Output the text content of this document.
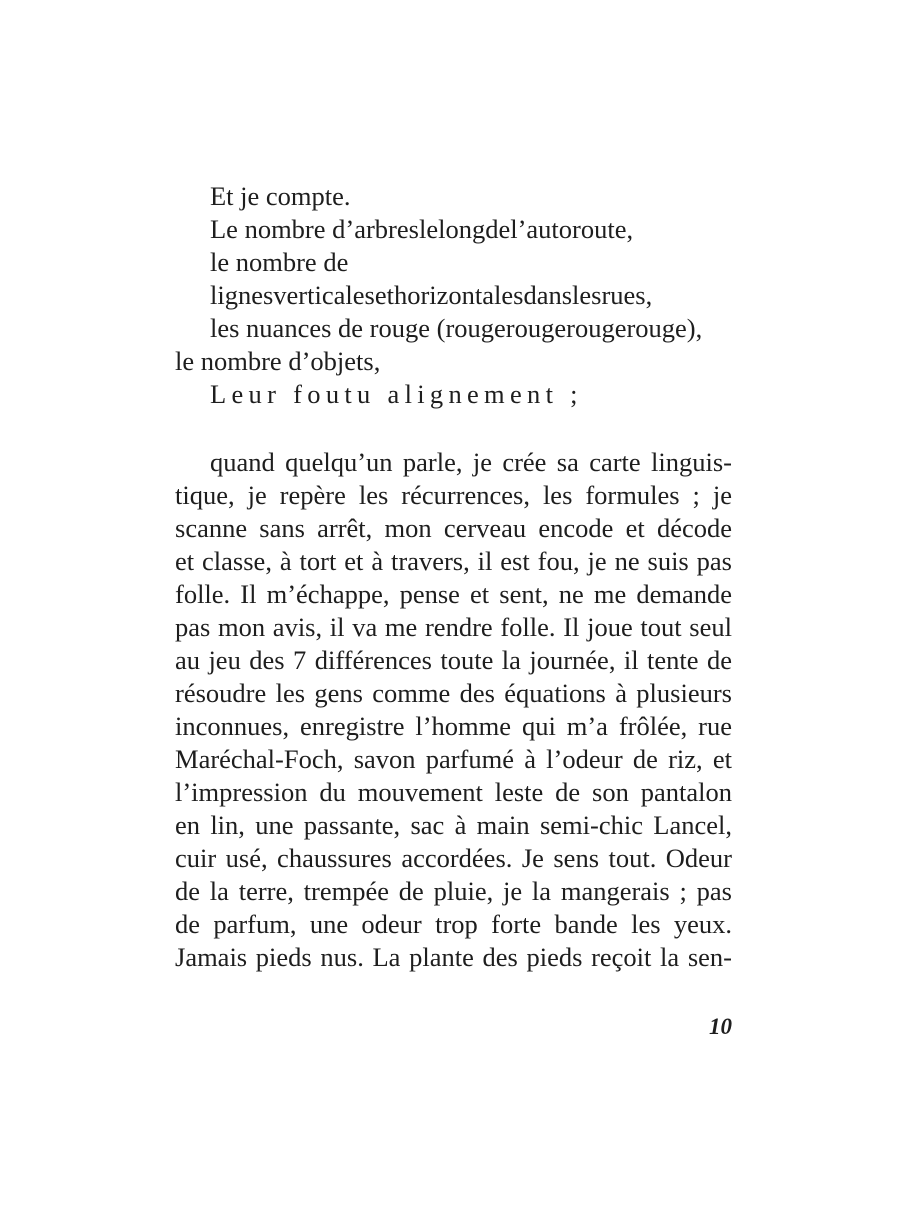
Et je compte.
Le nombre d’arbreslelongdel’autoroute,
le nombre de
lignesverticalesethorizontalesdanslesrues,
les nuances de rouge (rougerougerougerouge),
le nombre d’objets,
Leur foutu alignement ;
quand quelqu’un parle, je crée sa carte linguis-
tique, je repère les récurrences, les formules ; je
scanne sans arrêt, mon cerveau encode et décode
et classe, à tort et à travers, il est fou, je ne suis pas
folle. Il m’échappe, pense et sent, ne me demande
pas mon avis, il va me rendre folle. Il joue tout seul
au jeu des 7 différences toute la journée, il tente de
résoudre les gens comme des équations à plusieurs
inconnues, enregistre l’homme qui m’a frôlée, rue
Maréchal-Foch, savon parfumé à l’odeur de riz, et
l’impression du mouvement leste de son pantalon
en lin, une passante, sac à main semi-chic Lancel,
cuir usé, chaussures accordées. Je sens tout. Odeur
de la terre, trempée de pluie, je la mangerais ; pas
de parfum, une odeur trop forte bande les yeux.
Jamais pieds nus. La plante des pieds reçoit la sen-
10
